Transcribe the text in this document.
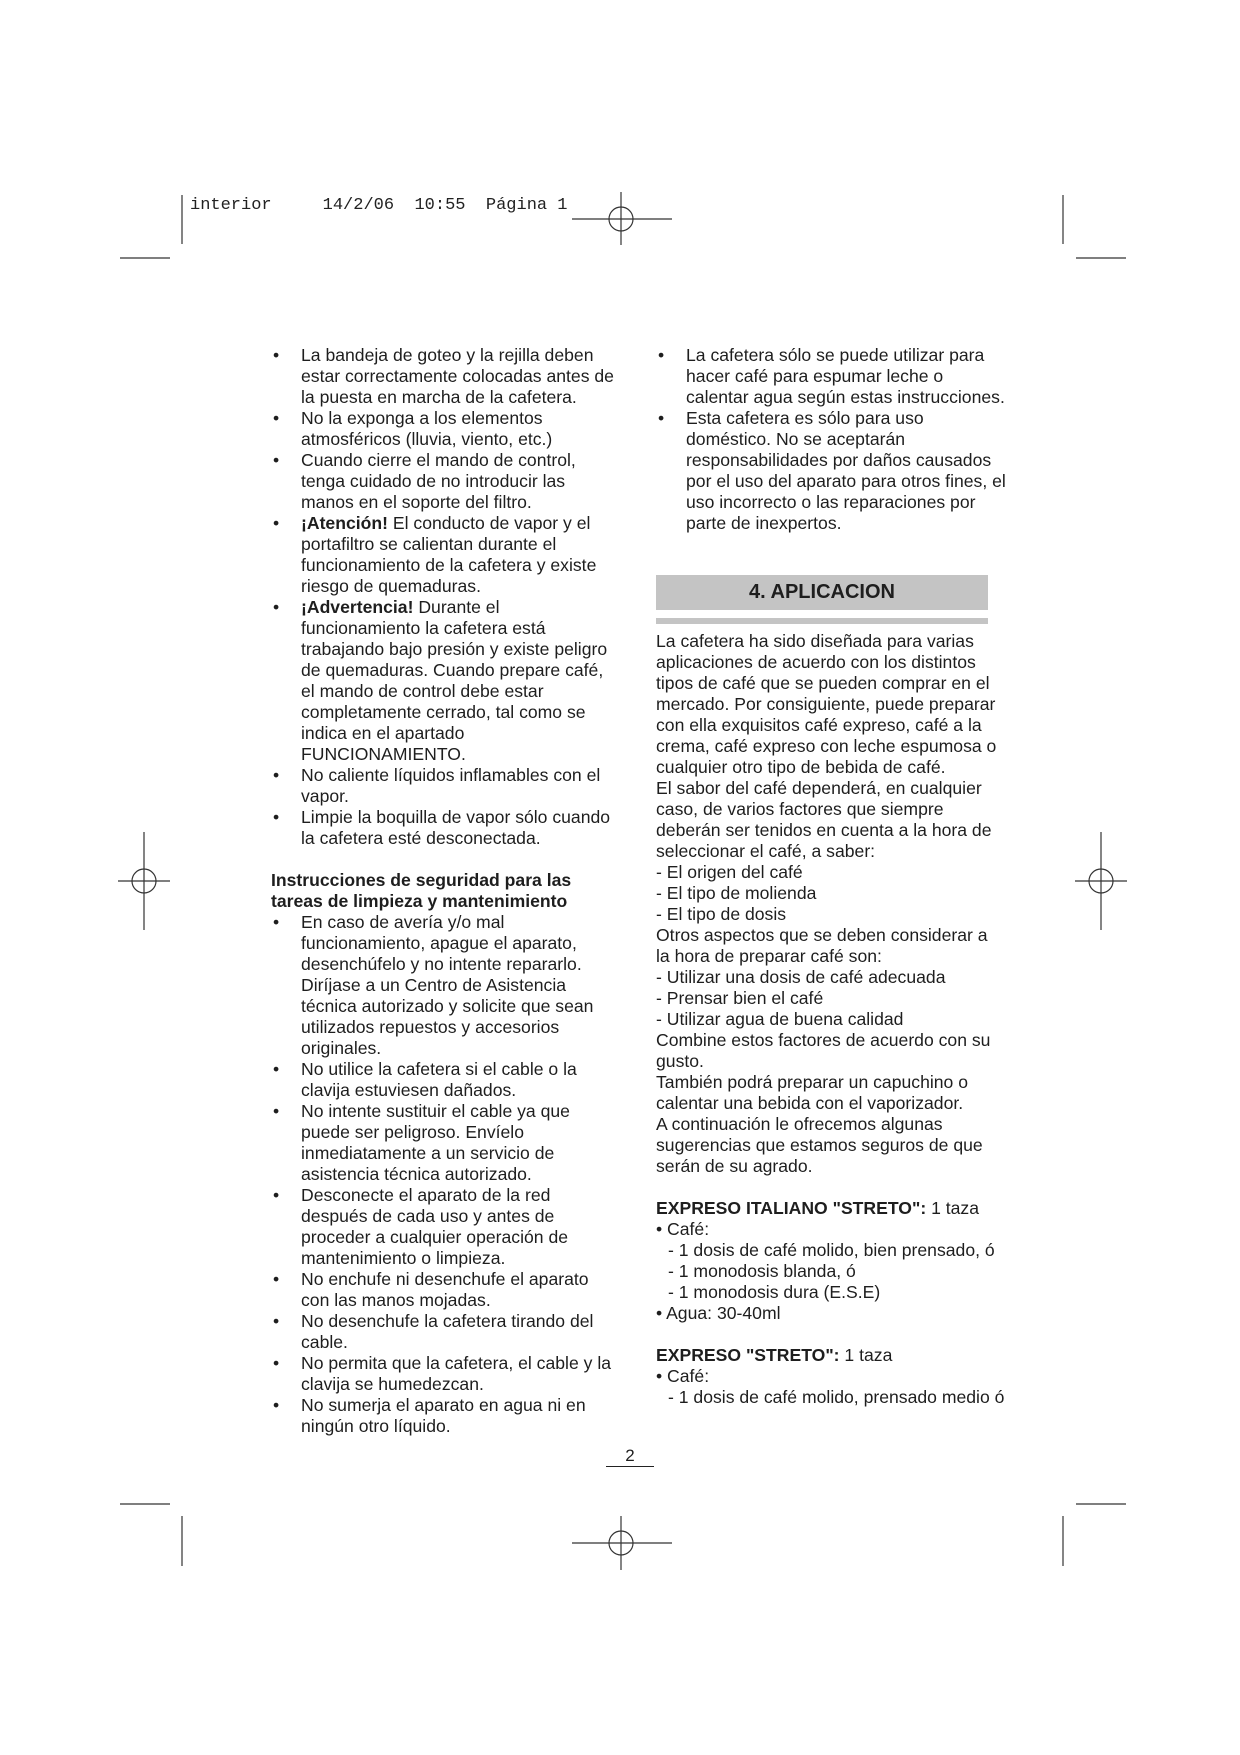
interior	14/2/06 10:55 Página 1
• La bandeja de goteo y la rejilla deben estar correctamente colocadas antes de la puesta en marcha de la cafetera.
• No la exponga a los elementos atmosféricos (lluvia, viento, etc.)
• Cuando cierre el mando de control, tenga cuidado de no introducir las manos en el soporte del filtro.
• ¡Atención! El conducto de vapor y el portafiltro se calientan durante el funcionamiento de la cafetera y existe riesgo de quemaduras.
• ¡Advertencia! Durante el funcionamiento la cafetera está trabajando bajo presión y existe peligro de quemaduras. Cuando prepare café, el mando de control debe estar completamente cerrado, tal como se indica en el apartado FUNCIONAMIENTO.
• No caliente líquidos inflamables con el vapor.
• Limpie la boquilla de vapor sólo cuando la cafetera esté desconectada.
Instrucciones de seguridad para las tareas de limpieza y mantenimiento
• En caso de avería y/o mal funcionamiento, apague el aparato, desenchúfelo y no intente repararlo. Diríjase a un Centro de Asistencia técnica autorizado y solicite que sean utilizados repuestos y accesorios originales.
• No utilice la cafetera si el cable o la clavija estuviesen dañados.
• No intente sustituir el cable ya que puede ser peligroso. Envíelo inmediatamente a un servicio de asistencia técnica autorizado.
• Desconecte el aparato de la red después de cada uso y antes de proceder a cualquier operación de mantenimiento o limpieza.
• No enchufe ni desenchufe el aparato con las manos mojadas.
• No desenchufe la cafetera tirando del cable.
• No permita que la cafetera, el cable y la clavija se humedezcan.
• No sumerja el aparato en agua ni en ningún otro líquido.
• La cafetera sólo se puede utilizar para hacer café para espumar leche o calentar agua según estas instrucciones.
• Esta cafetera es sólo para uso doméstico. No se aceptarán responsabilidades por daños causados por el uso del aparato para otros fines, el uso incorrecto o las reparaciones por parte de inexpertos.
4. APLICACION
La cafetera ha sido diseñada para varias aplicaciones de acuerdo con los distintos tipos de café que se pueden comprar en el mercado. Por consiguiente, puede preparar con ella exquisitos café expreso, café a la crema, café expreso con leche espumosa o cualquier otro tipo de bebida de café.
El sabor del café dependerá, en cualquier caso, de varios factores que siempre deberán ser tenidos en cuenta a la hora de seleccionar el café, a saber:
- El origen del café
- El tipo de molienda
- El tipo de dosis
Otros aspectos que se deben considerar a la hora de preparar café son:
- Utilizar una dosis de café adecuada
- Prensar bien el café
- Utilizar agua de buena calidad
Combine estos factores de acuerdo con su gusto.
También podrá preparar un capuchino o calentar una bebida con el vaporizador.
A continuación le ofrecemos algunas sugerencias que estamos seguros de que serán de su agrado.
EXPRESO ITALIANO "STRETO": 1 taza
• Café:
- 1 dosis de café molido, bien prensado, ó
- 1 monodosis blanda, ó
- 1 monodosis dura (E.S.E)
• Agua: 30-40ml
EXPRESO "STRETO": 1 taza
• Café:
- 1 dosis de café molido, prensado medio ó
2
